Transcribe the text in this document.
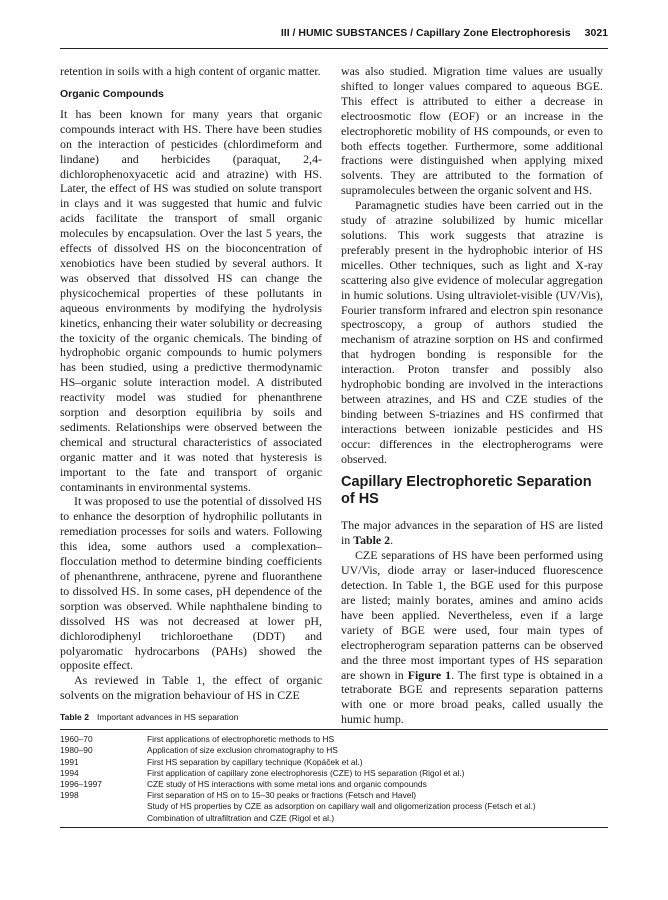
III / HUMIC SUBSTANCES / Capillary Zone Electrophoresis 3021

retention in soils with a high content of organic matter.

Organic Compounds

It has been known for many years that organic compounds interact with HS. There have been studies on the interaction of pesticides (chlordimeform and lindane) and herbicides (paraquat, 2,4-dichlorophenoxyacetic acid and atrazine) with HS. Later, the effect of HS was studied on solute transport in clays and it was suggested that humic and fulvic acids facilitate the transport of small organic molecules by encapsulation. Over the last 5 years, the effects of dissolved HS on the bioconcentration of xenobiotics have been studied by several authors. It was observed that dissolved HS can change the physicochemical properties of these pollutants in aqueous environments by modifying the hydrolysis kinetics, enhancing their water solubility or decreasing the toxicity of the organic chemicals. The binding of hydrophobic organic compounds to humic polymers has been studied, using a predictive thermodynamic HS–organic solute interaction model. A distributed reactivity model was studied for phenanthrene sorption and desorption equilibria by soils and sediments. Relationships were observed between the chemical and structural characteristics of associated organic matter and it was noted that hysteresis is important to the fate and transport of organic contaminants in environmental systems.

It was proposed to use the potential of dissolved HS to enhance the desorption of hydrophilic pollutants in remediation processes for soils and waters. Following this idea, some authors used a complexation–flocculation method to determine binding coefficients of phenanthrene, anthracene, pyrene and fluoranthene to dissolved HS. In some cases, pH dependence of the sorption was observed. While naphthalene binding to dissolved HS was not decreased at lower pH, dichlorodiphenyl trichloroethane (DDT) and polyaromatic hydrocarbons (PAHs) showed the opposite effect.

As reviewed in Table 1, the effect of organic solvents on the migration behaviour of HS in CZE

was also studied. Migration time values are usually shifted to longer values compared to aqueous BGE. This effect is attributed to either a decrease in electroosmotic flow (EOF) or an increase in the electrophoretic mobility of HS compounds, or even to both effects together. Furthermore, some additional fractions were distinguished when applying mixed solvents. They are attributed to the formation of supramolecules between the organic solvent and HS.

Paramagnetic studies have been carried out in the study of atrazine solubilized by humic micellar solutions. This work suggests that atrazine is preferably present in the hydrophobic interior of HS micelles. Other techniques, such as light and X-ray scattering also give evidence of molecular aggregation in humic solutions. Using ultraviolet-visible (UV/Vis), Fourier transform infrared and electron spin resonance spectroscopy, a group of authors studied the mechanism of atrazine sorption on HS and confirmed that hydrogen bonding is responsible for the interaction. Proton transfer and possibly also hydrophobic bonding are involved in the interactions between atrazines, and HS and CZE studies of the binding between S-triazines and HS confirmed that interactions between ionizable pesticides and HS occur: differences in the electropherograms were observed.

Capillary Electrophoretic Separation of HS

The major advances in the separation of HS are listed in Table 2.

CZE separations of HS have been performed using UV/Vis, diode array or laser-induced fluorescence detection. In Table 1, the BGE used for this purpose are listed; mainly borates, amines and amino acids have been applied. Nevertheless, even if a large variety of BGE were used, four main types of electropherogram separation patterns can be observed and the three most important types of HS separation are shown in Figure 1. The first type is obtained in a tetraborate BGE and represents separation patterns with one or more broad peaks, called usually the humic hump.

Table 2 Important advances in HS separation
1960–70	First applications of electrophoretic methods to HS
1980–90	Application of size exclusion chromatography to HS
1991	First HS separation by capillary technique (Kopáček et al.)
1994	First application of capillary zone electrophoresis (CZE) to HS separation (Rigol et al.)
1996–1997	CZE study of HS interactions with some metal ions and organic compounds
1998	First separation of HS on to 15–30 peaks or fractions (Fetsch and Havel)
Study of HS properties by CZE as adsorption on capillary wall and oligomerization process (Fetsch et al.)
Combination of ultrafiltration and CZE (Rigol et al.)
